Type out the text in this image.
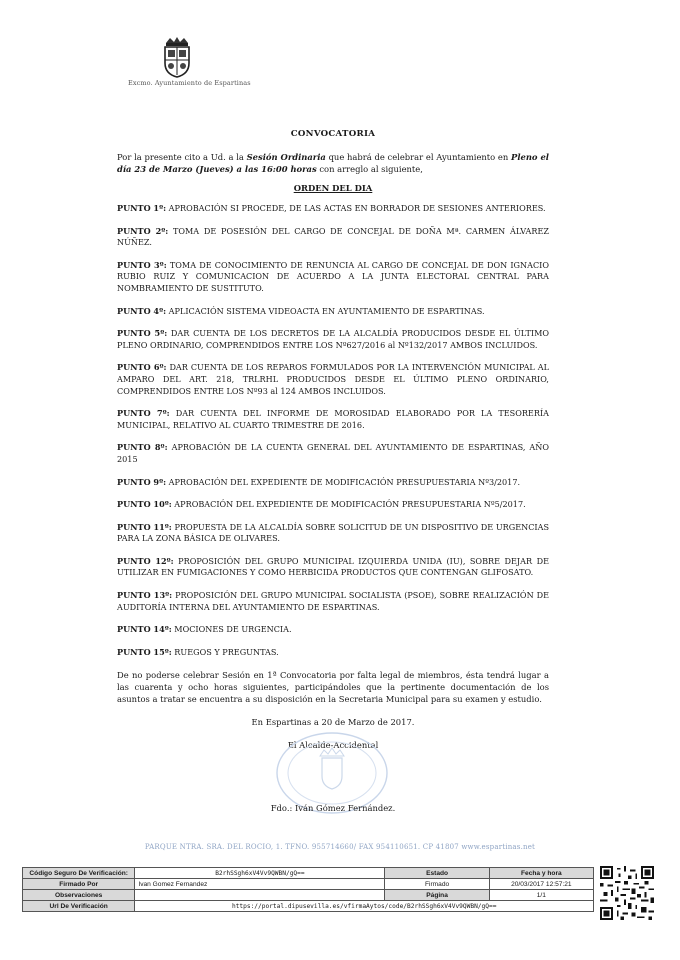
Excmo. Ayuntamiento de Espartinas
CONVOCATORIA

Por la presente cito a Ud. a la Sesión Ordinaria que habrá de celebrar el Ayuntamiento en Pleno el día 23 de Marzo (Jueves) a las 16:00 horas con arreglo al siguiente,

ORDEN DEL DIA

PUNTO 1º: APROBACIÓN SI PROCEDE, DE LAS ACTAS EN BORRADOR DE SESIONES ANTERIORES.

PUNTO 2º: TOMA DE POSESIÓN DEL CARGO DE CONCEJAL DE DOÑA Mª. CARMEN ÁLVAREZ NÚÑEZ.

PUNTO 3º: TOMA DE CONOCIMIENTO DE RENUNCIA AL CARGO DE CONCEJAL DE DON IGNACIO RUBIO RUIZ Y COMUNICACION DE ACUERDO A LA JUNTA ELECTORAL CENTRAL PARA NOMBRAMIENTO DE SUSTITUTO.

PUNTO 4º: APLICACIÓN SISTEMA VIDEOACTA EN AYUNTAMIENTO DE ESPARTINAS.

PUNTO 5º: DAR CUENTA DE LOS DECRETOS DE LA ALCALDÍA PRODUCIDOS DESDE EL ÚLTIMO PLENO ORDINARIO, COMPRENDIDOS ENTRE LOS Nº627/2016 al Nº132/2017 AMBOS INCLUIDOS.

PUNTO 6º: DAR CUENTA DE LOS REPAROS FORMULADOS POR LA INTERVENCIÓN MUNICIPAL AL AMPARO DEL ART. 218, TRLRHL PRODUCIDOS DESDE EL ÚLTIMO PLENO ORDINARIO, COMPRENDIDOS ENTRE LOS Nº93 al 124 AMBOS INCLUIDOS.

PUNTO 7º: DAR CUENTA DEL INFORME DE MOROSIDAD ELABORADO POR LA TESORERÍA MUNICIPAL, RELATIVO AL CUARTO TRIMESTRE DE 2016.

PUNTO 8º: APROBACIÓN DE LA CUENTA GENERAL DEL AYUNTAMIENTO DE ESPARTINAS, AÑO 2015

PUNTO 9º: APROBACIÓN DEL EXPEDIENTE DE MODIFICACIÓN PRESUPUESTARIA Nº3/2017.

PUNTO 10º: APROBACIÓN DEL EXPEDIENTE DE MODIFICACIÓN PRESUPUESTARIA Nº5/2017.

PUNTO 11º: PROPUESTA DE LA ALCALDÍA SOBRE SOLICITUD DE UN DISPOSITIVO DE URGENCIAS PARA LA ZONA BÁSICA DE OLIVARES.

PUNTO 12º: PROPOSICIÓN DEL GRUPO MUNICIPAL IZQUIERDA UNIDA (IU), SOBRE DEJAR DE UTILIZAR EN FUMIGACIONES Y COMO HERBICIDA PRODUCTOS QUE CONTENGAN GLIFOSATO.

PUNTO 13º: PROPOSICIÓN DEL GRUPO MUNICIPAL SOCIALISTA (PSOE), SOBRE REALIZACIÓN DE AUDITORÍA INTERNA DEL AYUNTAMIENTO DE ESPARTINAS.

PUNTO 14º: MOCIONES DE URGENCIA.

PUNTO 15º: RUEGOS Y PREGUNTAS.

De no poderse celebrar Sesión en 1ª Convocatoria por falta legal de miembros, ésta tendrá lugar a las cuarenta y ocho horas siguientes, participándoles que la pertinente documentación de los asuntos a tratar se encuentra a su disposición en la Secretaria Municipal para su examen y estudio.

En Espartinas a 20 de Marzo de 2017.
El Alcalde-Accidental
Fdo.: Iván Gómez Fernández.
PARQUE NTRA. SRA. DEL ROCIO, 1. TFNO. 955714660/ FAX 954110651. CP 41807 www.espartinas.net
Código Seguro De Verificación:	B2rhSSgh6xV4Vv9QWBN/gQ==	Estado	Fecha y hora
Firmado Por	Ivan Gomez Fernandez	Firmado	20/03/2017 12:57:21
Observaciones		Página	1/1
Url De Verificación	https://portal.dipusevilla.es/vfirmaAytos/code/B2rhSSgh6xV4Vv9QWBN/gQ==		
